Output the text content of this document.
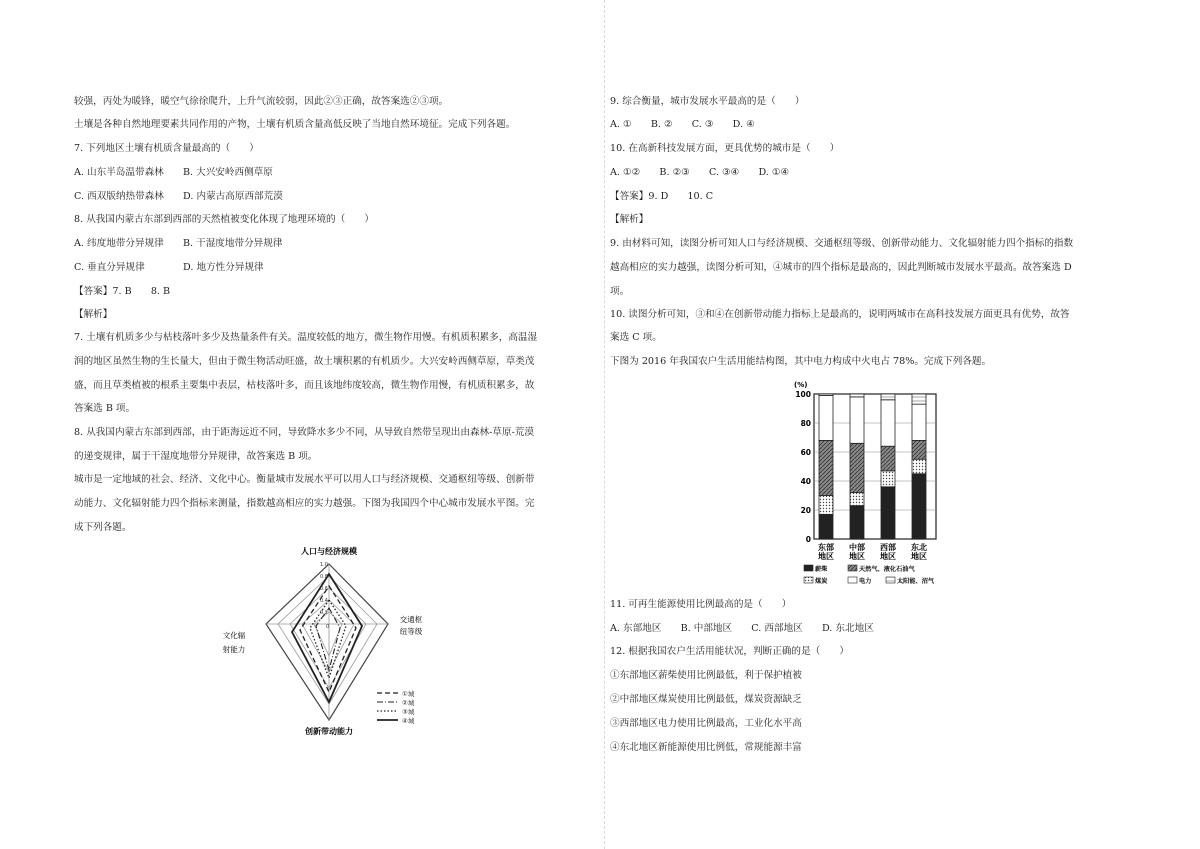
较强，丙处为暖锋，暖空气徐徐爬升，上升气流较弱，因此②③正确，故答案选②③项。
土壤是各种自然地理要素共同作用的产物，土壤有机质含量高低反映了当地自然环境征。完成下列各题。
7. 下列地区土壤有机质含量最高的（　　）
A. 山东半岛温带森林　　B. 大兴安岭西侧草原
C. 西双版纳热带森林　　D. 内蒙古高原西部荒漠
8. 从我国内蒙古东部到西部的天然植被变化体现了地理环境的（　　）
A. 纬度地带分异规律　　B. 干湿度地带分异规律
C. 垂直分异规律　　　　D. 地方性分异规律
【答案】7. B　　8. B
【解析】
7. 土壤有机质多少与枯枝落叶多少及热量条件有关。温度较低的地方，微生物作用慢。有机质积累多，高温湿
润的地区虽然生物的生长量大，但由于微生物活动旺盛，故土壤积累的有机质少。大兴安岭西侧草原，草类茂
盛，而且草类植被的根系主要集中表层，枯枝落叶多，而且该地纬度较高，微生物作用慢，有机质积累多，故
答案选 B 项。
8. 从我国内蒙古东部到西部，由于距海远近不同，导致降水多少不同，从导致自然带呈现出由森林-草原-荒漠
的递变规律，属于干湿度地带分异规律，故答案选 B 项。
城市是一定地域的社会、经济、文化中心。衡量城市发展水平可以用人口与经济规模、交通枢纽等级、创新带
动能力、文化辐射能力四个指标来测量，指数越高相应的实力越强。下图为我国四个中心城市发展水平图。完
成下列各题。
人口与经济规模
交通枢
纽等级
创新带动能力
文化辐
射能力
1.0
0.8
0.6
0.4
0.2
0
①城
②城
③城
④城
9. 综合衡量，城市发展水平最高的是（　　）
A. ①　　B. ②　　C. ③　　D. ④
10. 在高新科技发展方面，更具优势的城市是（　　）
A. ①②　　B. ②③　　C. ③④　　D. ①④
【答案】9. D　　10. C
【解析】
9. 由材料可知，读图分析可知人口与经济规模、交通枢纽等级、创新带动能力、文化辐射能力四个指标的指数
越高相应的实力越强，读图分析可知，④城市的四个指标是最高的，因此判断城市发展水平最高。故答案选 D
项。
10. 读图分析可知，③和④在创新带动能力指标上是最高的，说明两城市在高科技发展方面更具有优势，故答
案选 C 项。
下图为 2016 年我国农户生活用能结构图，其中电力构成中火电占 78%。完成下列各题。
11. 可再生能源使用比例最高的是（　　）
A. 东部地区　　B. 中部地区　　C. 西部地区　　D. 东北地区
12. 根据我国农户生活用能状况，判断正确的是（　　）
①东部地区薪柴使用比例最低，利于保护植被
②中部地区煤炭使用比例最低，煤炭资源缺乏
③西部地区电力使用比例最高，工业化水平高
④东北地区新能源使用比例低，常规能源丰富
(%)
0
20
40
60
80
100
东部
地区
中部
地区
西部
地区
东北
地区
薪柴	天然气、液化石油气
煤炭	电力	太阳能、沼气
